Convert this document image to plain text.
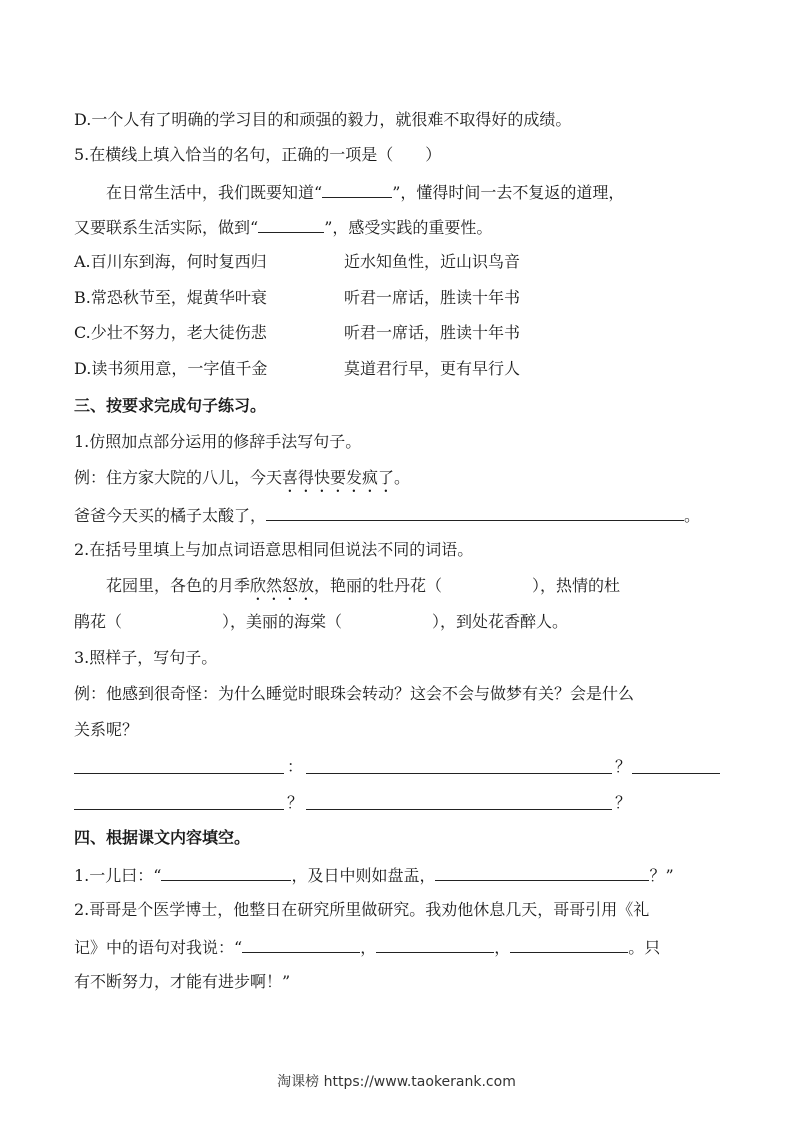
D.一个人有了明确的学习目的和顽强的毅力，就很难不取得好的成绩。
5.在横线上填入恰当的名句，正确的一项是（　　）
在日常生活中，我们既要知道“	”，懂得时间一去不复返的道理，
又要联系生活实际，做到“	”，感受实践的重要性。
A.百川东到海，何时复西归	近水知鱼性，近山识鸟音
B.常恐秋节至，焜黄华叶衰	听君一席话，胜读十年书
C.少壮不努力，老大徒伤悲	听君一席话，胜读十年书
D.读书须用意，一字值千金	莫道君行早，更有早行人
三、按要求完成句子练习。
1.仿照加点部分运用的修辞手法写句子。
例：住方家大院的八儿，今天喜得快要发疯了。
爸爸今天买的橘子太酸了，	。
2.在括号里填上与加点词语意思相同但说法不同的词语。
花园里，各色的月季欣然怒放，艳丽的牡丹花（	），热情的杜
鹃花（	），美丽的海棠（	），到处花香醉人。
3.照样子，写句子。
例：他感到很奇怪：为什么睡觉时眼珠会转动？这会不会与做梦有关？会是什么
关系呢？
：	？
？	？
四、根据课文内容填空。
1.一儿曰：“	，及日中则如盘盂，	？”
2.哥哥是个医学博士，他整日在研究所里做研究。我劝他休息几天，哥哥引用《礼
记》中的语句对我说：“	，	，	。只
有不断努力，才能有进步啊！”
淘课榜 https://www.taokerank.com
